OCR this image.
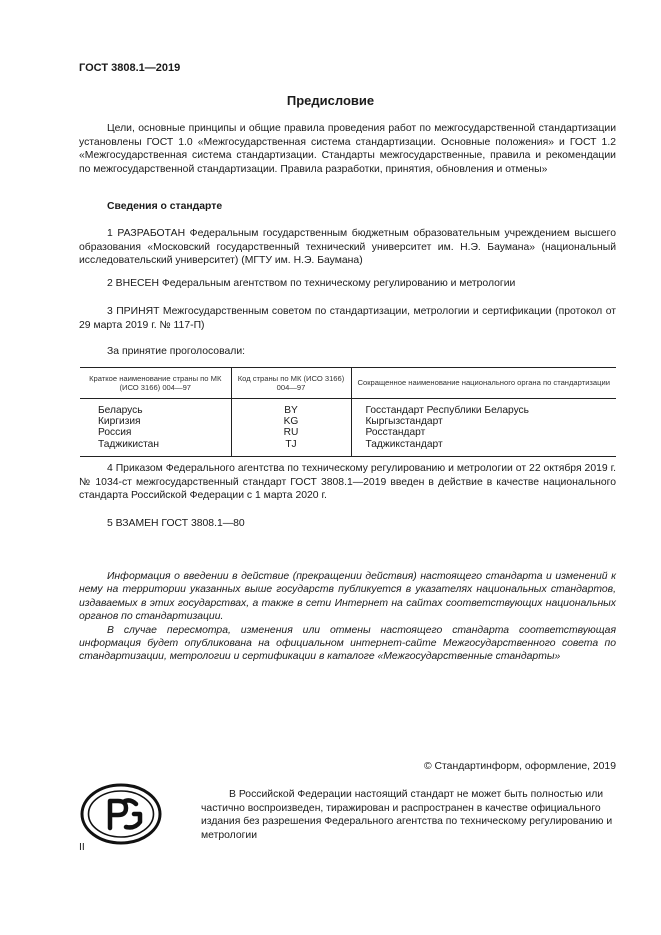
ГОСТ 3808.1—2019
Предисловие

Цели, основные принципы и общие правила проведения работ по межгосударственной стандартизации установлены ГОСТ 1.0 «Межгосударственная система стандартизации. Основные положения» и ГОСТ 1.2 «Межгосударственная система стандартизации. Стандарты межгосударственные, правила и рекомендации по межгосударственной стандартизации. Правила разработки, принятия, обновления и отмены»

Сведения о стандарте

1 РАЗРАБОТАН Федеральным государственным бюджетным образовательным учреждением высшего образования «Московский государственный технический университет им. Н.Э. Баумана» (национальный исследовательский университет) (МГТУ им. Н.Э. Баумана)

2 ВНЕСЕН Федеральным агентством по техническому регулированию и метрологии

3 ПРИНЯТ Межгосударственным советом по стандартизации, метрологии и сертификации (протокол от 29 марта 2019 г. № 117-П)

За принятие проголосовали:
Краткое наименование страны по МК (ИСО 3166) 004—97	Код страны по МК (ИСО 3166) 004—97	Сокращенное наименование национального органа по стандартизации
Беларусь	BY	Госстандарт Республики Беларусь
Киргизия	KG	Кыргызстандарт
Россия	RU	Росстандарт
Таджикистан	TJ	Таджикстандарт

4 Приказом Федерального агентства по техническому регулированию и метрологии от 22 октября 2019 г. № 1034-ст межгосударственный стандарт ГОСТ 3808.1—2019 введен в действие в качестве национального стандарта Российской Федерации с 1 марта 2020 г.

5 ВЗАМЕН ГОСТ 3808.1—80

Информация о введении в действие (прекращении действия) настоящего стандарта и изменений к нему на территории указанных выше государств публикуется в указателях национальных стандартов, издаваемых в этих государствах, а также в сети Интернет на сайтах соответствующих национальных органов по стандартизации.

В случае пересмотра, изменения или отмены настоящего стандарта соответствующая информация будет опубликована на официальном интернет-сайте Межгосударственного совета по стандартизации, метрологии и сертификации в каталоге «Межгосударственные стандарты»

© Стандартинформ, оформление, 2019

В Российской Федерации настоящий стандарт не может быть полностью или частично воспроизведен, тиражирован и распространен в качестве официального издания без разрешения Федерального агентства по техническому регулированию и метрологии

II
